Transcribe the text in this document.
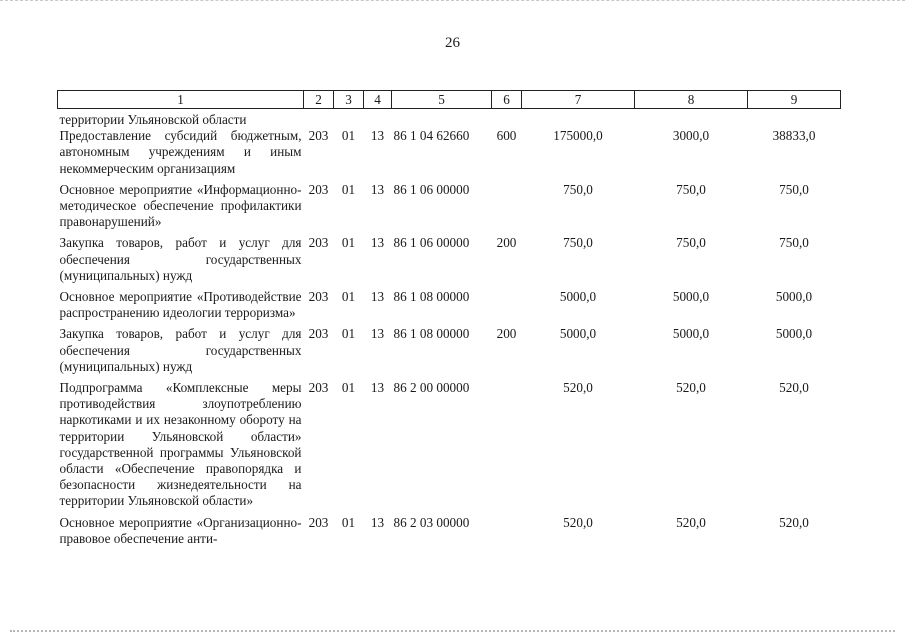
26
1	2	3	4	5	6	7	8	9
территории Ульяновской области								
Предоставление субсидий бюджетным, автономным учреждениям и иным некоммерческим организациям	203	01	13	86 1 04 62660	600	175000,0	3000,0	38833,0
Основное мероприятие «Информационно-методическое обеспечение профилактики правонарушений»	203	01	13	86 1 06 00000		750,0	750,0	750,0
Закупка товаров, работ и услуг для обеспечения государственных (муниципальных) нужд	203	01	13	86 1 06 00000	200	750,0	750,0	750,0
Основное мероприятие «Противодействие распространению идеологии терроризма»	203	01	13	86 1 08 00000		5000,0	5000,0	5000,0
Закупка товаров, работ и услуг для обеспечения государственных (муниципальных) нужд	203	01	13	86 1 08 00000	200	5000,0	5000,0	5000,0
Подпрограмма «Комплексные меры противодействия злоупотреблению наркотиками и их незаконному обороту на территории Ульяновской области» государственной программы Ульяновской области «Обеспечение правопорядка и безопасности жизнедеятельности на территории Ульяновской области»	203	01	13	86 2 00 00000		520,0	520,0	520,0
Основное мероприятие «Организационно-правовое обеспечение анти-	203	01	13	86 2 03 00000		520,0	520,0	520,0
